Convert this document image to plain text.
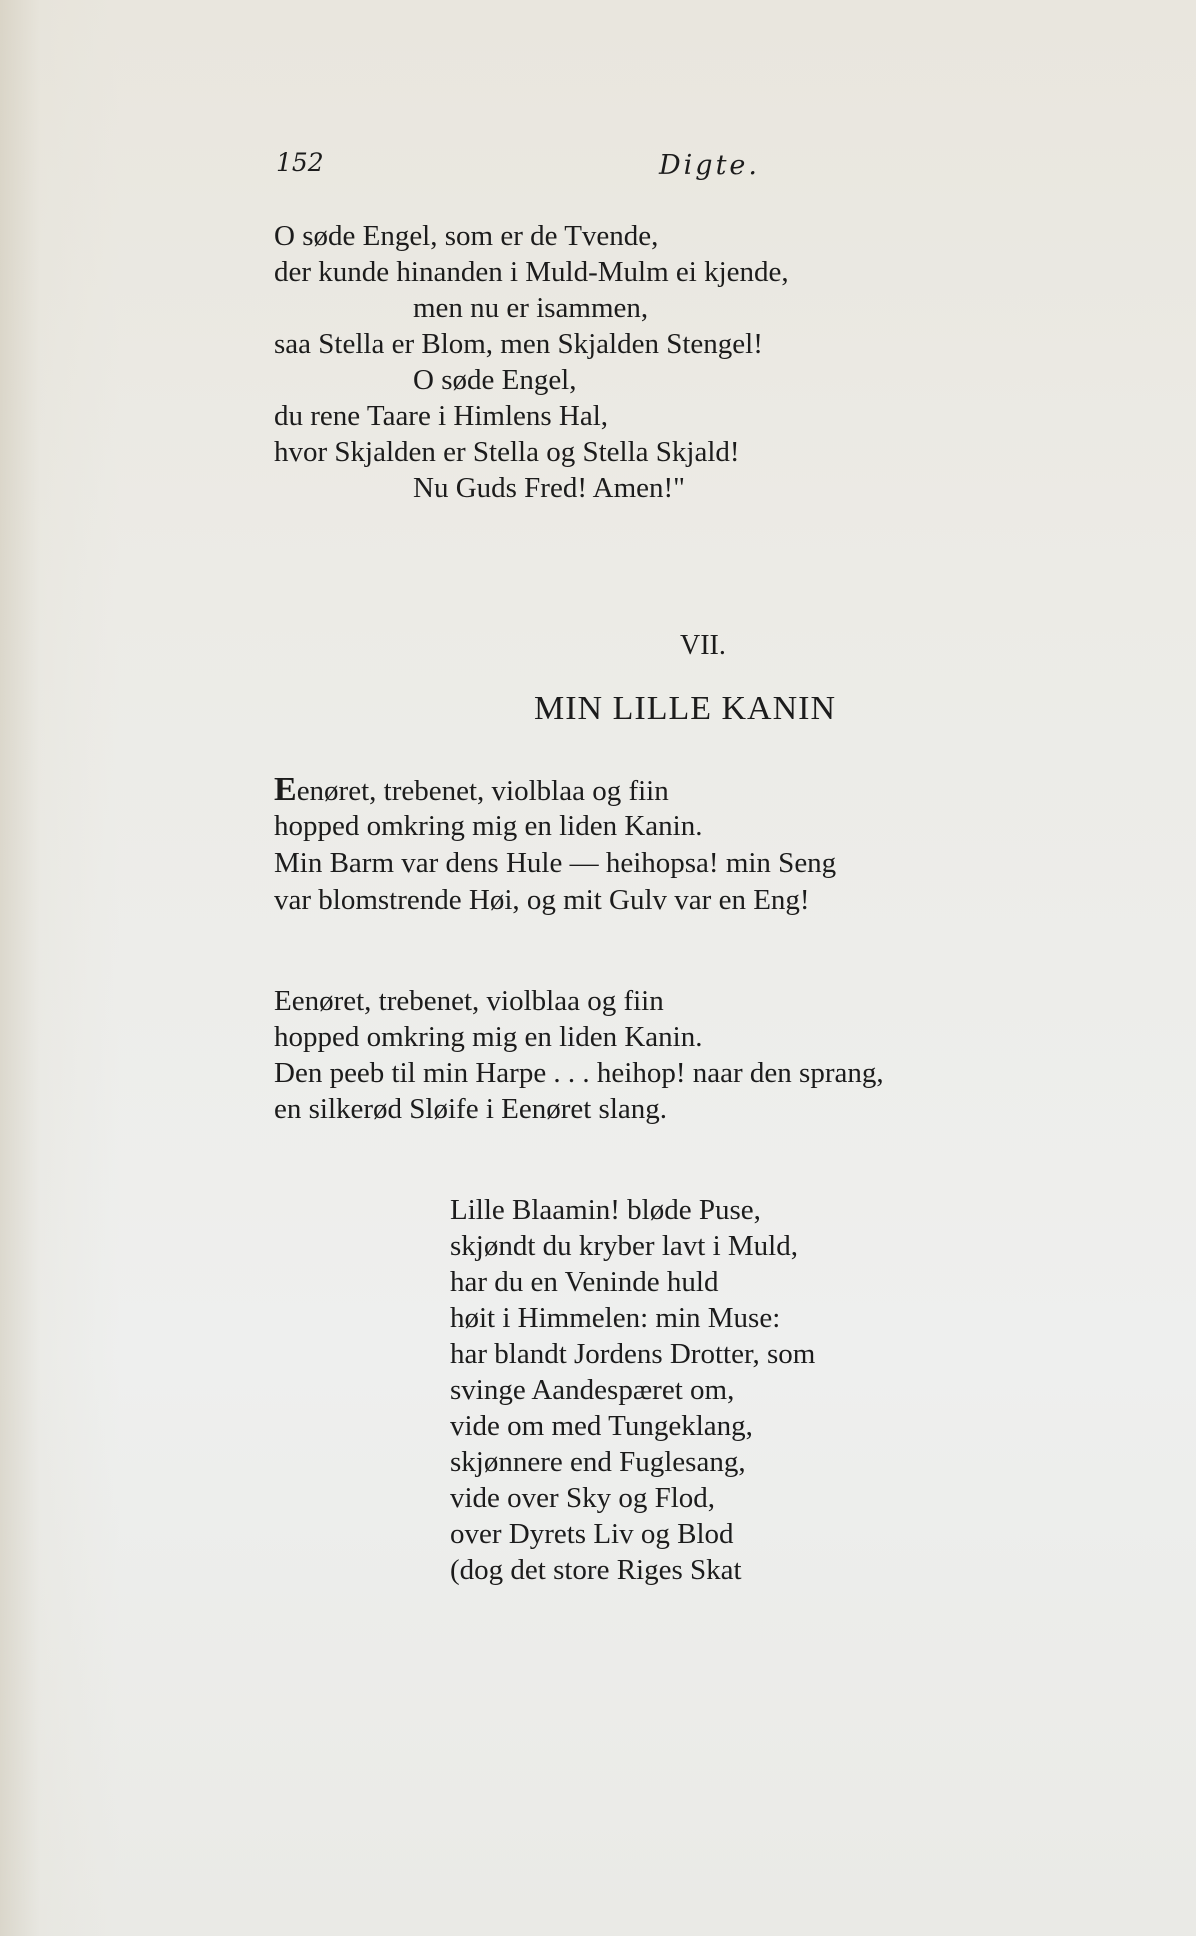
152	Digte.
O søde Engel, som er de Tvende,
der kunde hinanden i Muld-Mulm ei kjende,
men nu er isammen,
saa Stella er Blom, men Skjalden Stengel!
O søde Engel,
du rene Taare i Himlens Hal,
hvor Skjalden er Stella og Stella Skjald!
Nu Guds Fred! Amen!"
VII.
MIN LILLE KANIN
Eenøret, trebenet, violblaa og fiin
hopped omkring mig en liden Kanin.
Min Barm var dens Hule — heihopsa! min Seng
var blomstrende Høi, og mit Gulv var en Eng!
Eenøret, trebenet, violblaa og fiin
hopped omkring mig en liden Kanin.
Den peeb til min Harpe . . . heihop! naar den sprang,
en silkerød Sløife i Eenøret slang.
Lille Blaamin! bløde Puse,
skjøndt du kryber lavt i Muld,
har du en Veninde huld
høit i Himmelen: min Muse:
har blandt Jordens Drotter, som
svinge Aandespæret om,
vide om med Tungeklang,
skjønnere end Fuglesang,
vide over Sky og Flod,
over Dyrets Liv og Blod
(dog det store Riges Skat
